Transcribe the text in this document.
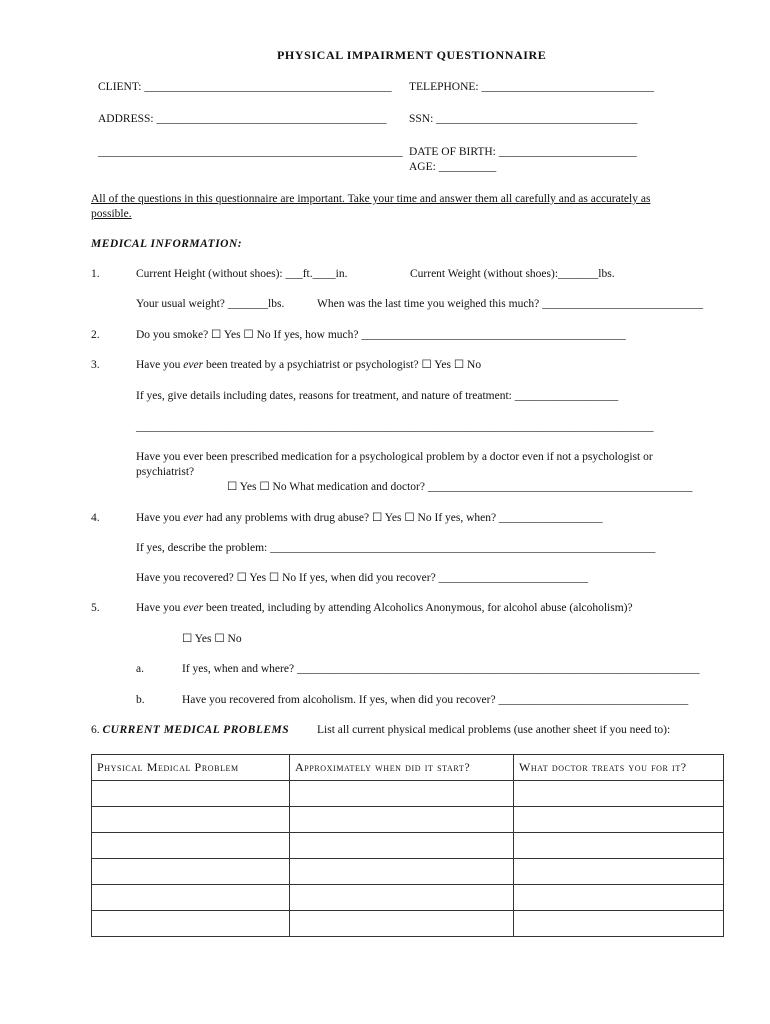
PHYSICAL IMPAIRMENT QUESTIONNAIRE
CLIENT: ___________________________________________ TELEPHONE: ______________________________
ADDRESS: ________________________________________ SSN: ___________________________________
_____________________________________________________ DATE OF BIRTH: ________________________
AGE: __________
All of the questions in this questionnaire are important. Take your time and answer them all carefully and as accurately as
possible.
MEDICAL INFORMATION:
1.	Current Height (without shoes): ___ft.____in.	Current Weight (without shoes):_______lbs.
Your usual weight? _______lbs.	When was the last time you weighed this much? ____________________________
2.	Do you smoke? ☐ Yes ☐ No If yes, how much? ______________________________________________
3.	Have you ever been treated by a psychiatrist or psychologist? ☐ Yes ☐ No
If yes, give details including dates, reasons for treatment, and nature of treatment: __________________
__________________________________________________________________________________________
Have you ever been prescribed medication for a psychological problem by a doctor even if not a psychologist or
psychiatrist?
☐ Yes ☐ No What medication and doctor? ______________________________________________
4.	Have you ever had any problems with drug abuse? ☐ Yes ☐ No If yes, when? __________________
If yes, describe the problem: ___________________________________________________________________
Have you recovered? ☐ Yes ☐ No If yes, when did you recover? __________________________
5.	Have you ever been treated, including by attending Alcoholics Anonymous, for alcohol abuse (alcoholism)?
☐ Yes ☐ No
a.	If yes, when and where? ______________________________________________________________________
b.	Have you recovered from alcoholism. If yes, when did you recover? _________________________________
6. CURRENT MEDICAL PROBLEMS List all current physical medical problems (use another sheet if you need to):
Physical Medical Problem	Approximately when did it start?	What doctor treats you for it?
